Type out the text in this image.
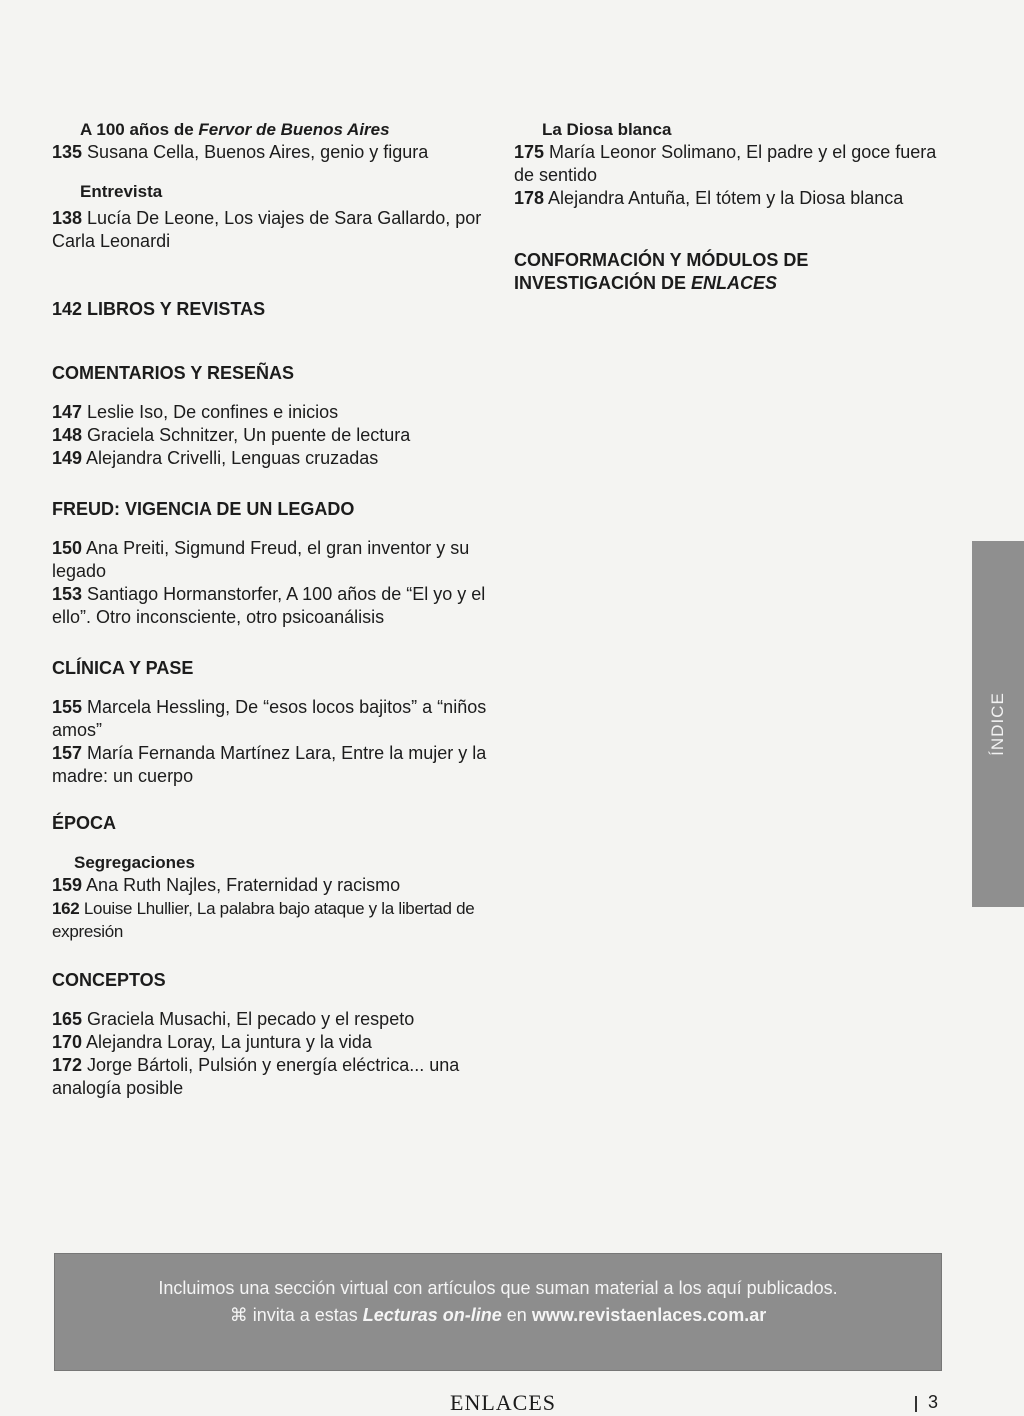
A 100 años de Fervor de Buenos Aires
135 Susana Cella, Buenos Aires, genio y figura
Entrevista
138 Lucía De Leone, Los viajes de Sara Gallardo, por Carla Leonardi
142 LIBROS Y REVISTAS
COMENTARIOS Y RESEÑAS
147 Leslie Iso, De confines e inicios
148 Graciela Schnitzer, Un puente de lectura
149 Alejandra Crivelli, Lenguas cruzadas
FREUD: VIGENCIA DE UN LEGADO
150 Ana Preiti, Sigmund Freud, el gran inventor y su legado
153 Santiago Hormanstorfer, A 100 años de “El yo y el ello”. Otro inconsciente, otro psicoanálisis
CLÍNICA Y PASE
155 Marcela Hessling, De “esos locos bajitos” a “niños amos”
157 María Fernanda Martínez Lara, Entre la mujer y la madre: un cuerpo
ÉPOCA
Segregaciones
159 Ana Ruth Najles, Fraternidad y racismo
162 Louise Lhullier, La palabra bajo ataque y la libertad de expresión
CONCEPTOS
165 Graciela Musachi, El pecado y el respeto
170 Alejandra Loray, La juntura y la vida
172 Jorge Bártoli, Pulsión y energía eléctrica... una analogía posible
La Diosa blanca
175 María Leonor Solimano, El padre y el goce fuera de sentido
178 Alejandra Antuña, El tótem y la Diosa blanca
CONFORMACIÓN Y MÓDULOS DE INVESTIGACIÓN DE ENLACES
ÍNDICE
Incluimos una sección virtual con artículos que suman material a los aquí publicados.
⌘ invita a estas Lecturas on-line en www.revistaenlaces.com.ar
ENLACES	3
